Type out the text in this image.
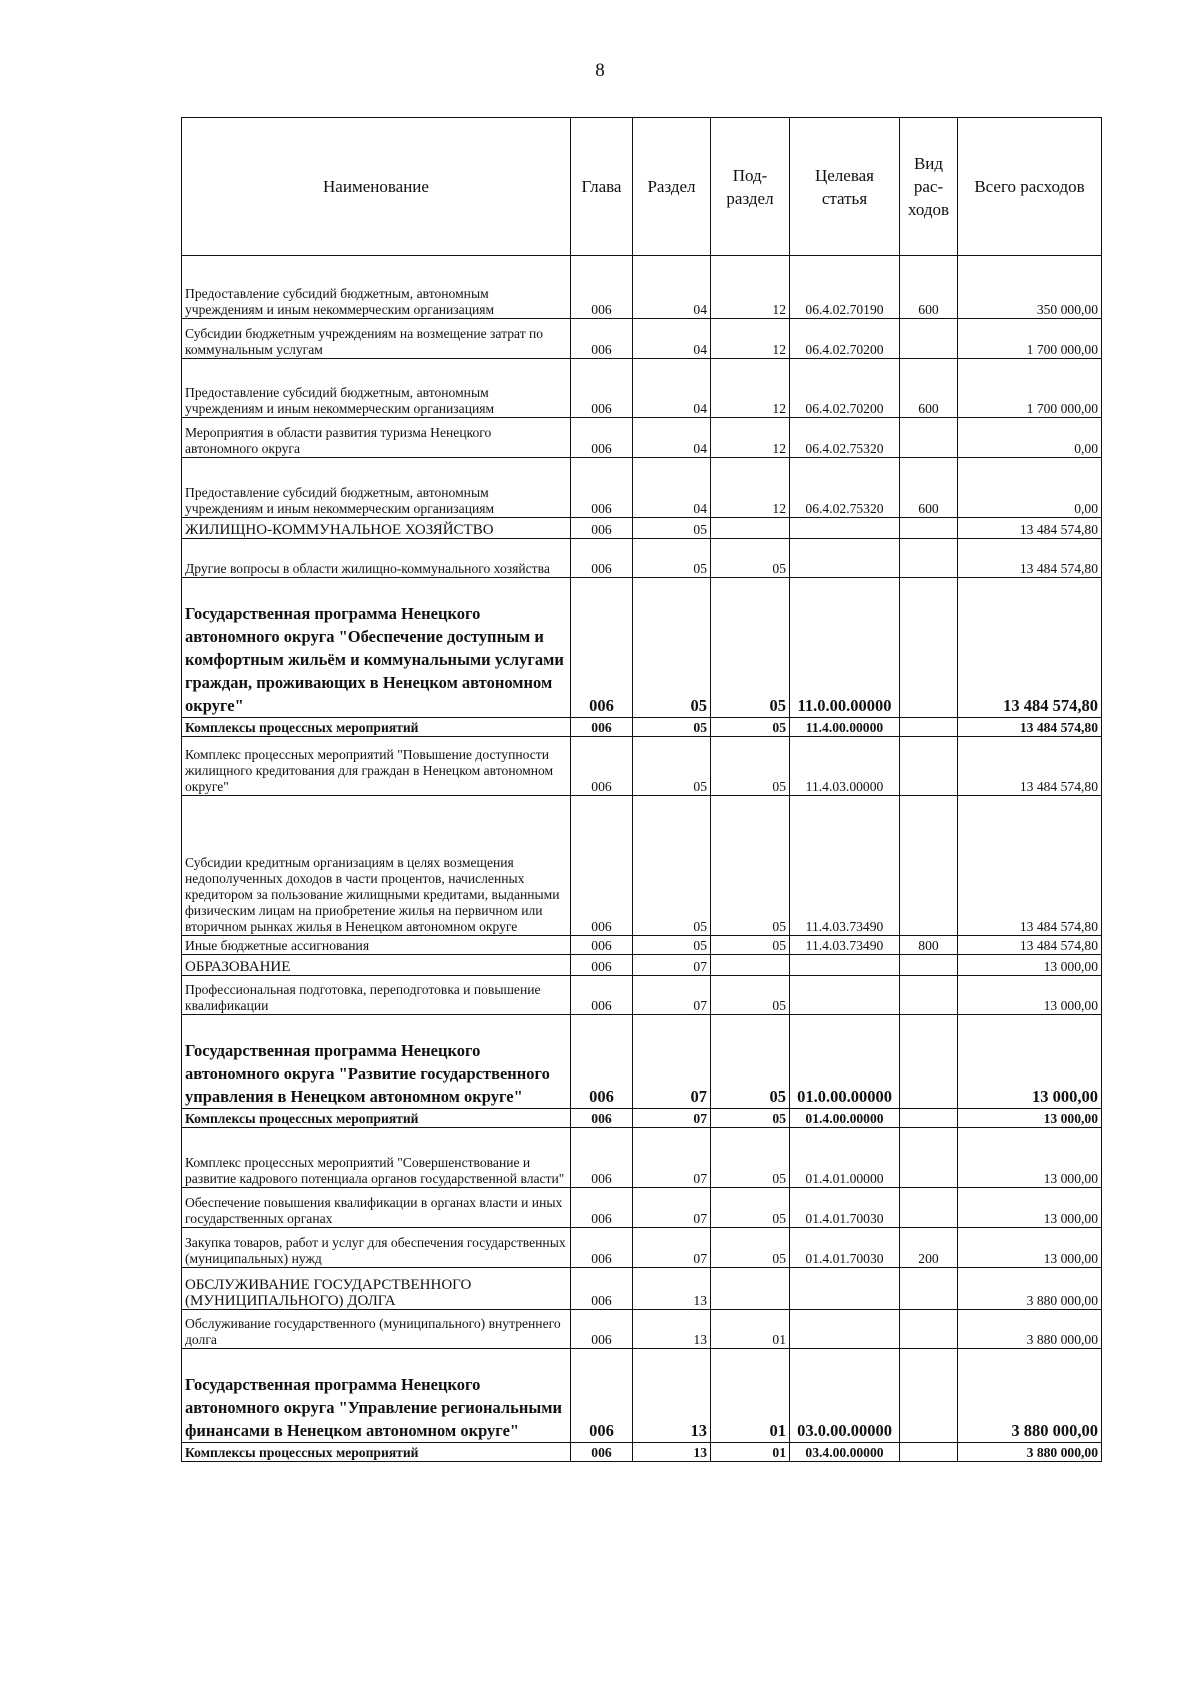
8
Наименование	Глава	Раздел	Под-раздел	Целевая статья	Вид рас-ходов	Всего расходов
Предоставление субсидий бюджетным, автономным учреждениям и иным некоммерческим организациям	006	04	12	06.4.02.70190	600	350 000,00
Субсидии бюджетным учреждениям на возмещение затрат по коммунальным услугам	006	04	12	06.4.02.70200		1 700 000,00
Предоставление субсидий бюджетным, автономным учреждениям и иным некоммерческим организациям	006	04	12	06.4.02.70200	600	1 700 000,00
Мероприятия в области развития туризма Ненецкого автономного округа	006	04	12	06.4.02.75320		0,00
Предоставление субсидий бюджетным, автономным учреждениям и иным некоммерческим организациям	006	04	12	06.4.02.75320	600	0,00
ЖИЛИЩНО-КОММУНАЛЬНОЕ ХОЗЯЙСТВО	006	05				13 484 574,80
Другие вопросы в области жилищно-коммунального хозяйства	006	05	05			13 484 574,80
Государственная программа Ненецкого автономного округа "Обеспечение доступным и комфортным жильём и коммунальными услугами граждан, проживающих в Ненецком автономном округе"	006	05	05	11.0.00.00000		13 484 574,80
Комплексы процессных мероприятий	006	05	05	11.4.00.00000		13 484 574,80
Комплекс процессных мероприятий "Повышение доступности жилищного кредитования для граждан в Ненецком автономном округе"	006	05	05	11.4.03.00000		13 484 574,80
Субсидии кредитным организациям в целях возмещения недополученных доходов в части процентов, начисленных кредитором за пользование жилищными кредитами, выданными физическим лицам на приобретение жилья на первичном или вторичном рынках жилья в Ненецком автономном округе	006	05	05	11.4.03.73490		13 484 574,80
Иные бюджетные ассигнования	006	05	05	11.4.03.73490	800	13 484 574,80
ОБРАЗОВАНИЕ	006	07				13 000,00
Профессиональная подготовка, переподготовка и повышение квалификации	006	07	05			13 000,00
Государственная программа Ненецкого автономного округа "Развитие государственного управления в Ненецком автономном округе"	006	07	05	01.0.00.00000		13 000,00
Комплексы процессных мероприятий	006	07	05	01.4.00.00000		13 000,00
Комплекс процессных мероприятий "Совершенствование и развитие кадрового потенциала органов государственной власти"	006	07	05	01.4.01.00000		13 000,00
Обеспечение повышения квалификации в органах власти и иных государственных органах	006	07	05	01.4.01.70030		13 000,00
Закупка товаров, работ и услуг для обеспечения государственных (муниципальных) нужд	006	07	05	01.4.01.70030	200	13 000,00
ОБСЛУЖИВАНИЕ ГОСУДАРСТВЕННОГО (МУНИЦИПАЛЬНОГО) ДОЛГА	006	13				3 880 000,00
Обслуживание государственного (муниципального) внутреннего долга	006	13	01			3 880 000,00
Государственная программа Ненецкого автономного округа "Управление региональными финансами в Ненецком автономном округе"	006	13	01	03.0.00.00000		3 880 000,00
Комплексы процессных мероприятий	006	13	01	03.4.00.00000		3 880 000,00
